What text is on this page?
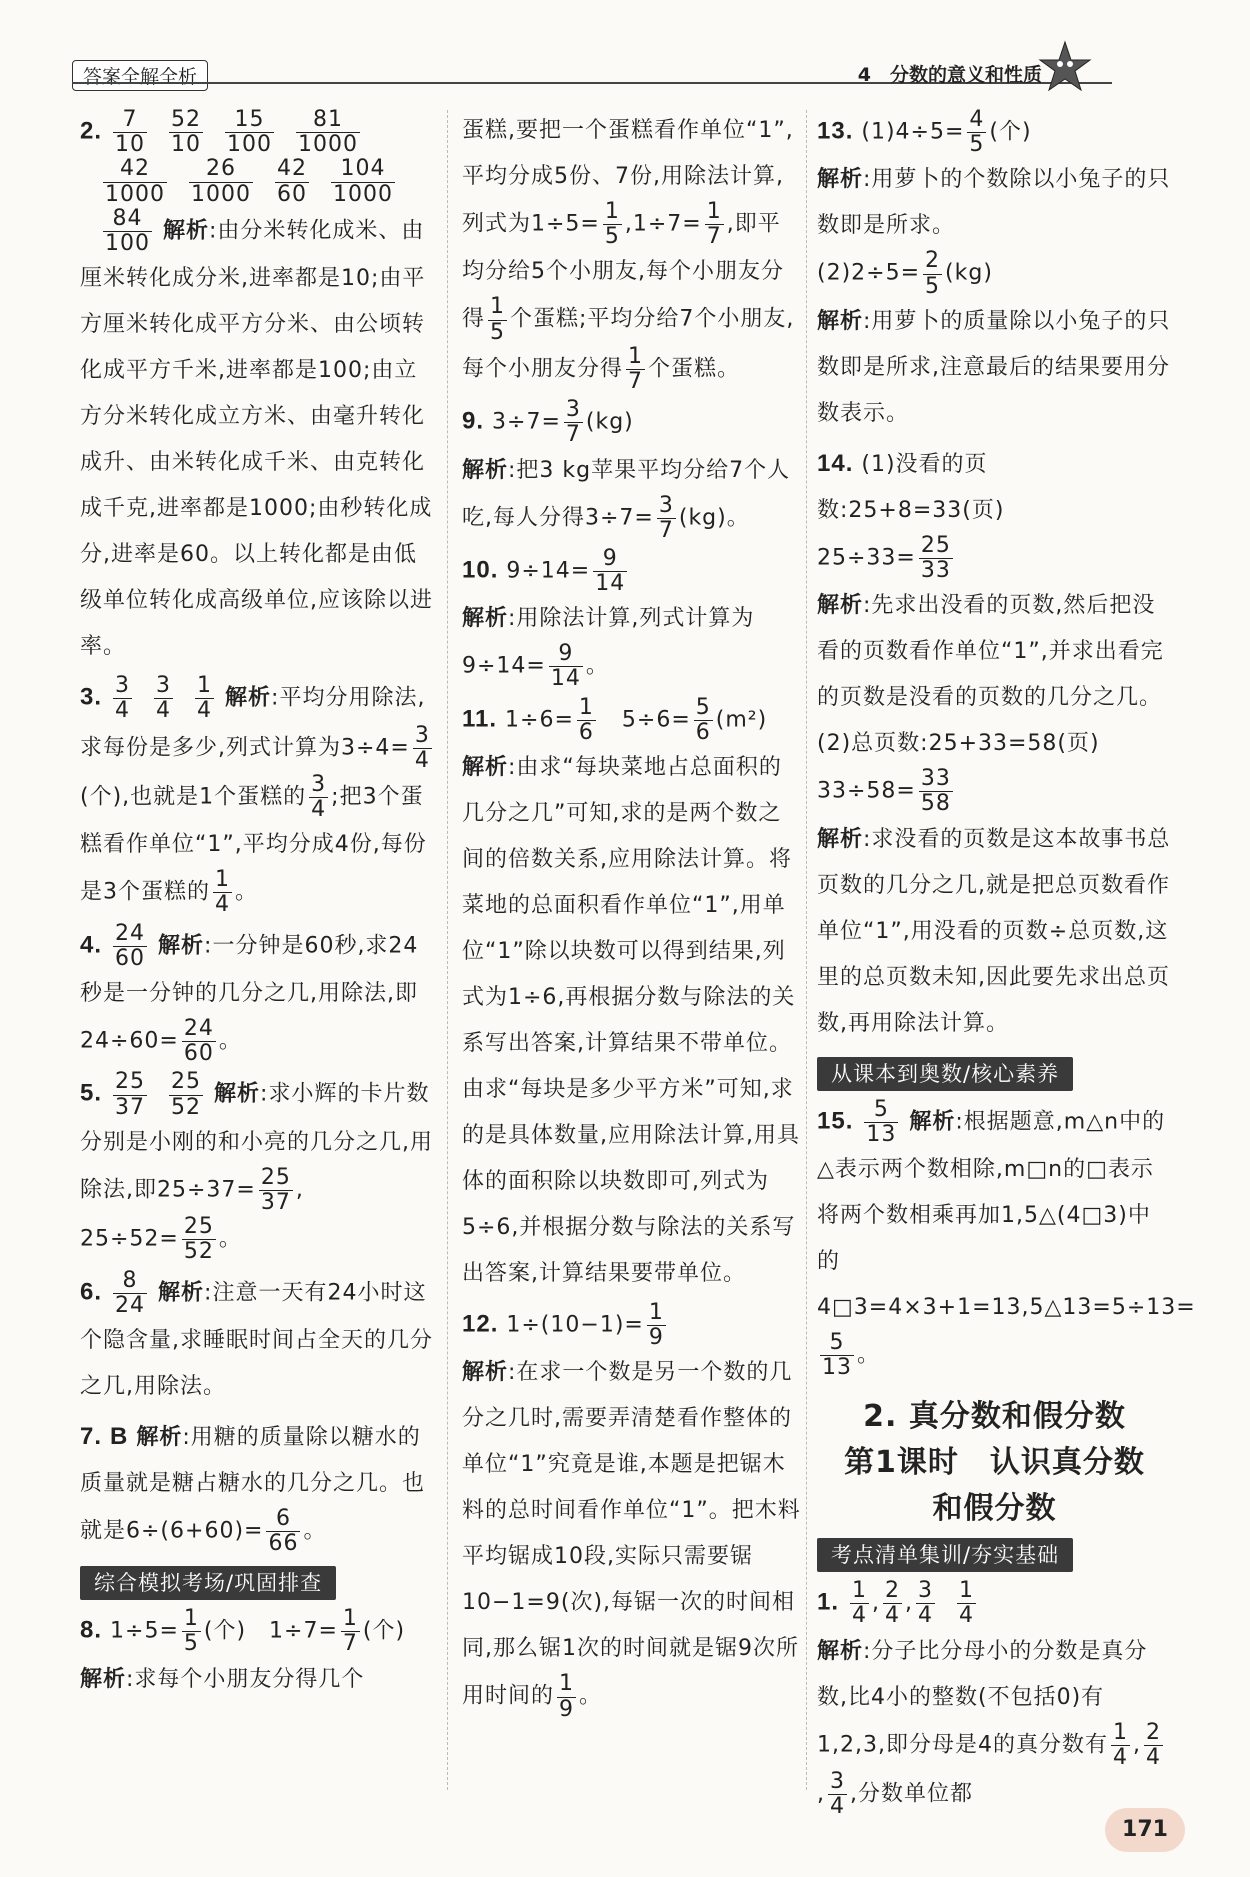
答案全解全析	4　分数的意义和性质
2. $\frac{7}{10}$
$\frac{52}{10}$
$\frac{15}{100}$
$\frac{81}{1000}$

$\frac{42}{1000}$
$\frac{26}{1000}$
$\frac{42}{60}$
$\frac{104}{1000}$

$\frac{84}{100}$ 解析:由分米转化成米、由厘米转化成分米,进率都是10;由平方厘米转化成平方分米、由公顷转化成平方千米,进率都是100;由立方分米转化成立方米、由毫升转化成升、由米转化成千米、由克转化成千克,进率都是1000;由秒转化成分,进率是60。以上转化都是由低级单位转化成高级单位,应该除以进率。
3. $\frac{3}{4}$
$\frac{3}{4}$
$\frac{1}{4}$ 解析:平均分用除法,求每份是多少,列式计算为$3\div 4= \frac{3}{4}$
(个),也就是1个蛋糕的 $\frac{3}{4}$ ;把3个蛋糕看作单位“1”,平均分成4份,每份是3个蛋糕的 $\frac{1}{4}$ 。
4. $\frac{24}{60}$ 解析:一分钟是60秒,求24秒是一分钟的几分之几,用除法,即$24\div 60= \frac{24}{60}$ 。
5. $\frac{25}{37}$
$\frac{25}{52}$ 解析:求小辉的卡片数分别是小刚的和小亮的几分之几,用除法,即$25\div 37= \frac{25}{37}$ ,
$25\div 52= \frac{25}{52}$ 。
6. $\frac{8}{24}$ 解析:注意一天有24小时这个隐含量,求睡眠时间占全天的几分之几,用除法。
7. B 解析:用糖的质量除以糖水的质量就是糖占糖水的几分之几。也就是$6\div(6+60)= \frac{6}{66}$ 。
综合模拟考场/巩固排查
8. $1\div 5= \frac{1}{5}$ (个)　$1\div 7= \frac{1}{7}$ (个)
解析:求每个小朋友分得几个
蛋糕,要把一个蛋糕看作单位“1”,平均分成5份、7份,用除法计算,列式为$1\div 5= \frac{1}{5} ,1\div 7= \frac{1}{7}$ ,即平均分给5个小朋友,每个小朋友分得 $\frac{1}{5}$ 个蛋糕;平均分给7个小朋友,每个小朋友分得 $\frac{1}{7}$ 个蛋糕。
9. $3\div 7= \frac{3}{7} (kg)$
解析:把3 kg苹果平均分给7个人吃,每人分得$3\div 7= \frac{3}{7} (kg)$。
10. $9\div 14= \frac{9}{14}$

解析:用除法计算,列式计算为$9\div 14= \frac{9}{14}$ 。
11. $1\div 6= \frac{1}{6}$ 　$5\div 6= \frac{5}{6} (m^2)$
解析:由求“每块菜地占总面积的几分之几”可知,求的是两个数之间的倍数关系,应用除法计算。将菜地的总面积看作单位“1”,用单位“1”除以块数可以得到结果,列式为1÷6,再根据分数与除法的关系写出答案,计算结果不带单位。由求“每块是多少平方米”可知,求的是具体数量,应用除法计算,用具体的面积除以块数即可,列式为5÷6,并根据分数与除法的关系写出答案,计算结果要带单位。
12. $1\div(10-1)= \frac{1}{9}$

解析:在求一个数是另一个数的几分之几时,需要弄清楚看作整体的单位“1”究竟是谁,本题是把锯木料的总时间看作单位“1”。把木料平均锯成10段,实际只需要锯10−1=9(次),每锯一次的时间相同,那么锯1次的时间就是锯9次所用时间的 $\frac{1}{9}$ 。
13. $(1)4\div 5= \frac{4}{5}$ (个)
解析:用萝卜的个数除以小兔子的只数即是所求。
$(2)2\div 5= \frac{2}{5} (kg)$
解析:用萝卜的质量除以小兔子的只数即是所求,注意最后的结果要用分数表示。
14. (1)没看的页数:25+8=33(页)
$25\div 33= \frac{25}{33}$

解析:先求出没看的页数,然后把没看的页数看作单位“1”,并求出看完的页数是没看的页数的几分之几。
(2)总页数:25+33=58(页)
$33\div 58= \frac{33}{58}$

解析:求没看的页数是这本故事书总页数的几分之几,就是把总页数看作单位“1”,用没看的页数÷总页数,这里的总页数未知,因此要先求出总页数,再用除法计算。
从课本到奥数/核心素养
15. $\frac{5}{13}$ 解析:根据题意,m△n中的△表示两个数相除,m□n的□表示将两个数相乘再加1,5△(4□3)中的4□3=4×3+1=13,5△13=5÷13=
$\frac{5}{13}$ 。
2. 真分数和假分数
第1课时　认识真分数
和假分数
考点清单集训/夯实基础
1. $\frac{1}{4}$ , $\frac{2}{4}$ , $\frac{3}{4}$
$\frac{1}{4}$

解析:分子比分母小的分数是真分数,比4小的整数(不包括0)有1,2,3,即分母是4的真分数有 $\frac{1}{4}$ , $\frac{2}{4}$
, $\frac{3}{4}$ ,分数单位都
171
